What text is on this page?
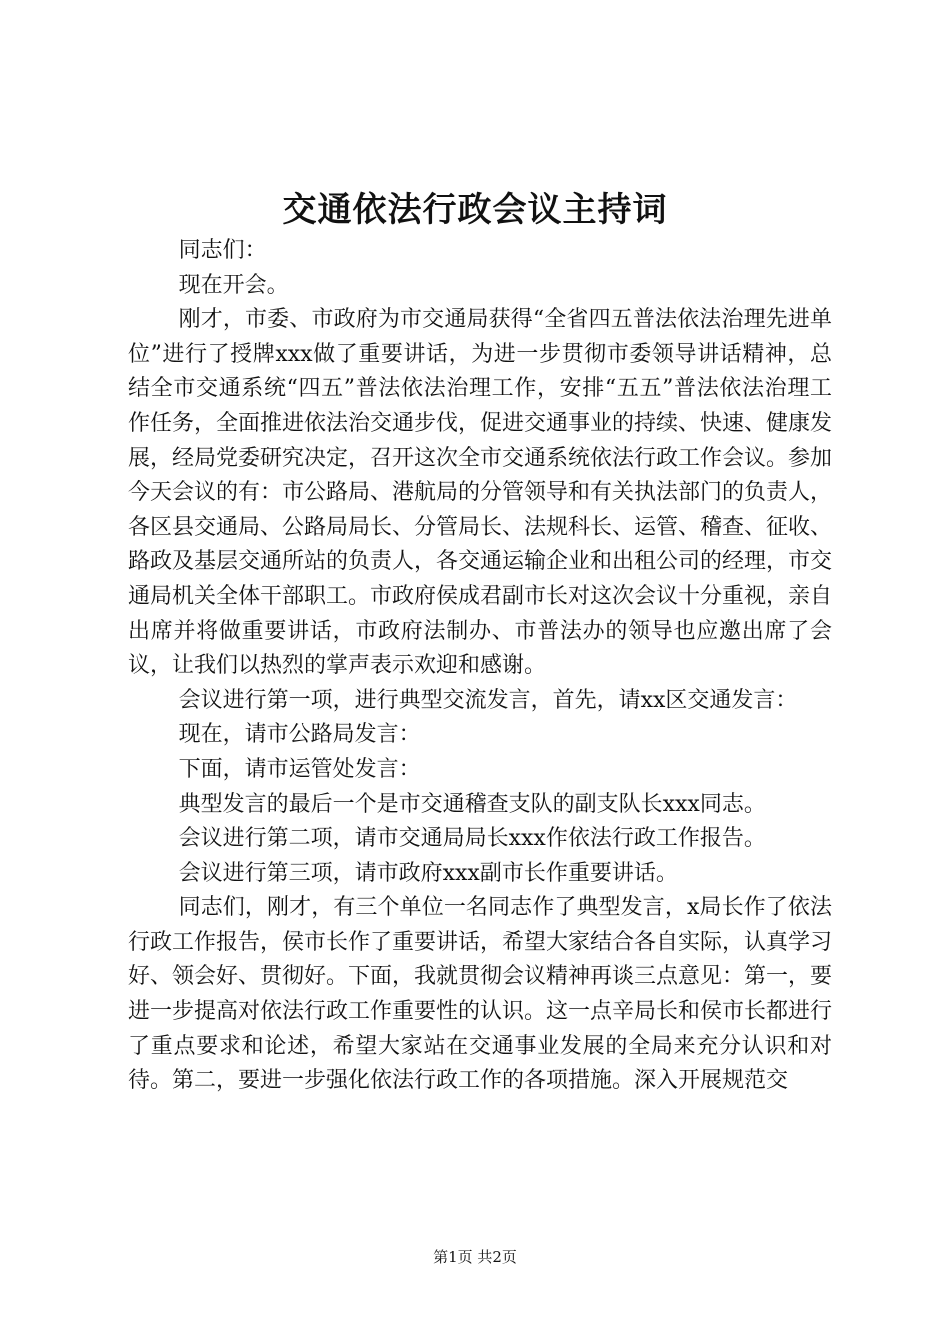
交通依法行政会议主持词

同志们：

现在开会。

刚才，市委、市政府为市交通局获得“全省四五普法依法治理先进单位”进行了授牌xxx做了重要讲话，为进一步贯彻市委领导讲话精神，总结全市交通系统“四五”普法依法治理工作，安排“五五”普法依法治理工作任务，全面推进依法治交通步伐，促进交通事业的持续、快速、健康发展，经局党委研究决定，召开这次全市交通系统依法行政工作会议。参加今天会议的有：市公路局、港航局的分管领导和有关执法部门的负责人，各区县交通局、公路局局长、分管局长、法规科长、运管、稽查、征收、路政及基层交通所站的负责人，各交通运输企业和出租公司的经理，市交通局机关全体干部职工。市政府侯成君副市长对这次会议十分重视，亲自出席并将做重要讲话，市政府法制办、市普法办的领导也应邀出席了会议，让我们以热烈的掌声表示欢迎和感谢。

会议进行第一项，进行典型交流发言，首先，请xx区交通发言：

现在，请市公路局发言：

下面，请市运管处发言：

典型发言的最后一个是市交通稽查支队的副支队长xxx同志。

会议进行第二项，请市交通局局长xxx作依法行政工作报告。

会议进行第三项，请市政府xxx副市长作重要讲话。

同志们，刚才，有三个单位一名同志作了典型发言，x局长作了依法行政工作报告，侯市长作了重要讲话，希望大家结合各自实际，认真学习好、领会好、贯彻好。下面，我就贯彻会议精神再谈三点意见：第一，要进一步提高对依法行政工作重要性的认识。这一点辛局长和侯市长都进行了重点要求和论述，希望大家站在交通事业发展的全局来充分认识和对待。第二，要进一步强化依法行政工作的各项措施。深入开展规范交

第1页 共2页
